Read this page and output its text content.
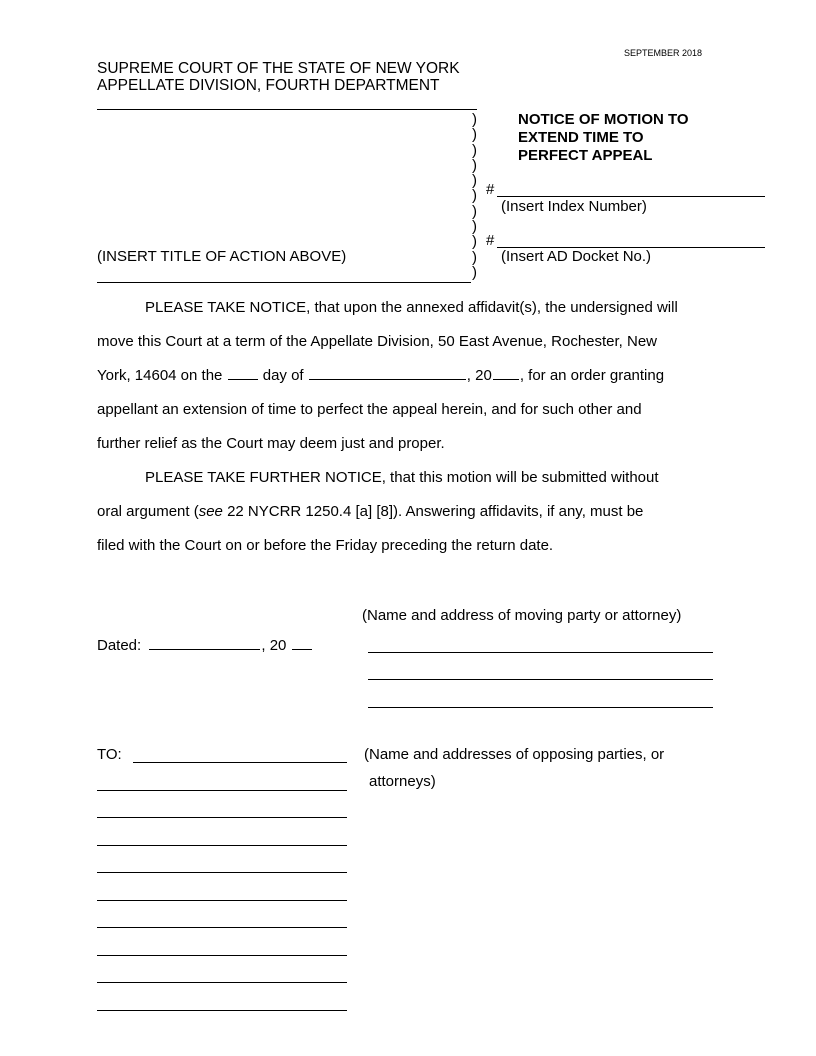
SEPTEMBER 2018
SUPREME COURT OF THE STATE OF NEW YORK
APPELLATE DIVISION, FOURTH DEPARTMENT
)
)
)
)
)
)
)
)
)
)
)
(INSERT TITLE OF ACTION ABOVE)
NOTICE OF MOTION TO
EXTEND TIME TO
PERFECT APPEAL
#
(Insert Index Number)
#
(Insert AD Docket No.)
PLEASE TAKE NOTICE, that upon the annexed affidavit(s), the undersigned will
move this Court at a term of the Appellate Division, 50 East Avenue, Rochester, New
York, 14604 on the	day of	, 20 , for an order granting
appellant an extension of time to perfect the appeal herein, and for such other and
further relief as the Court may deem just and proper.
PLEASE TAKE FURTHER NOTICE, that this motion will be submitted without
oral argument (see 22 NYCRR 1250.4 [a] [8]). Answering affidavits, if any, must be
filed with the Court on or before the Friday preceding the return date.
(Name and address of moving party or attorney)
Dated:	, 20
TO:	(Name and addresses of opposing parties, or
attorneys)
